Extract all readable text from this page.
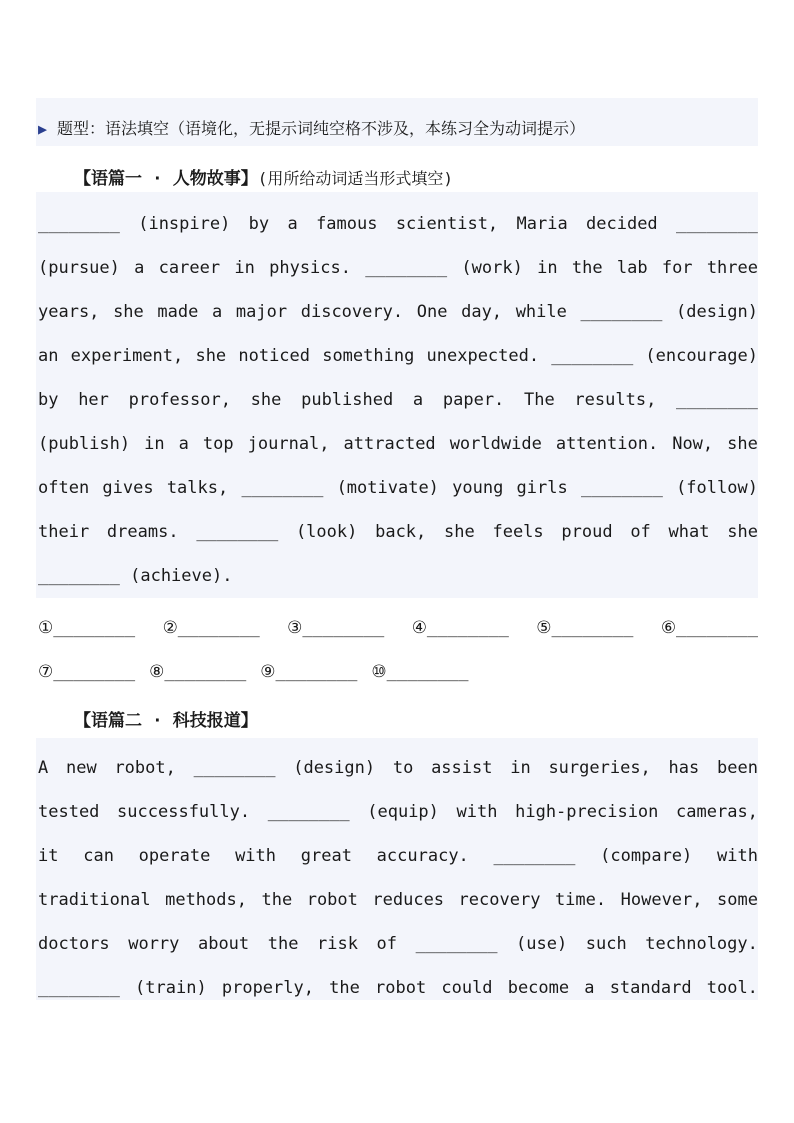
▶ 题型：语法填空（语境化，无提示词纯空格不涉及，本练习全为动词提示）
【语篇一 · 人物故事】(用所给动词适当形式填空)
________ (inspire) by a famous scientist, Maria decided ________
(pursue) a career in physics. ________ (work) in the lab for three
years, she made a major discovery. One day, while ________ (design)
an experiment, she noticed something unexpected. ________ (encourage)
by her professor, she published a paper. The results, ________
(publish) in a top journal, attracted worldwide attention. Now, she
often gives talks, ________ (motivate) young girls ________ (follow)
their dreams. ________ (look) back, she feels proud of what she
________ (achieve).
①________ ②________ ③________ ④________ ⑤________ ⑥________
⑦________ ⑧________ ⑨________ ⑩________
【语篇二 · 科技报道】
A new robot, ________ (design) to assist in surgeries, has been
tested successfully. ________ (equip) with high-precision cameras,
it can operate with great accuracy. ________ (compare) with
traditional methods, the robot reduces recovery time. However, some
doctors worry about the risk of ________ (use) such technology.
________ (train) properly, the robot could become a standard tool.
